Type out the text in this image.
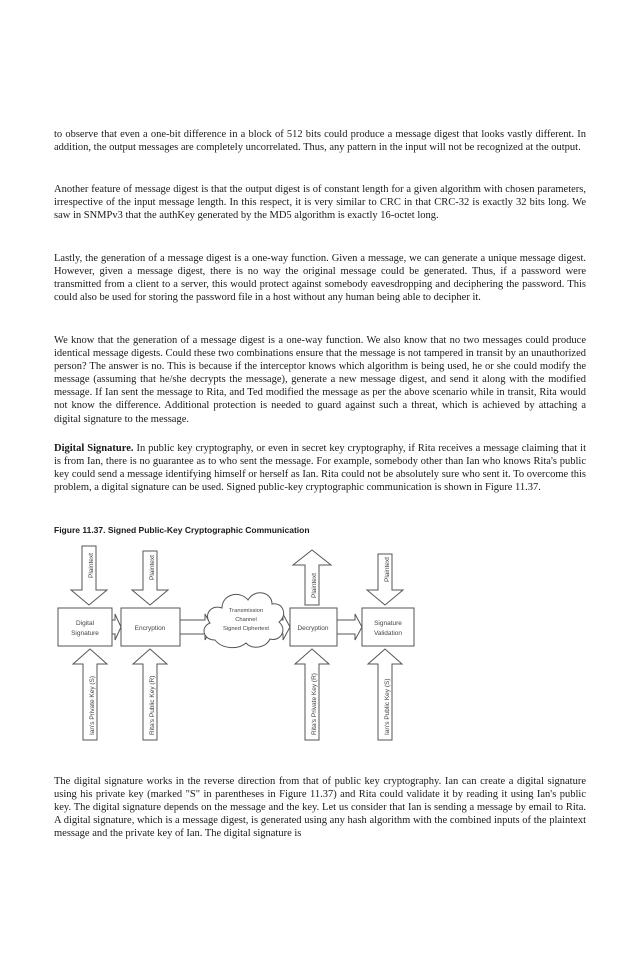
to observe that even a one-bit difference in a block of 512 bits could produce a message digest that looks vastly different. In addition, the output messages are completely uncorrelated. Thus, any pattern in the input will not be recognized at the output.

Another feature of message digest is that the output digest is of constant length for a given algorithm with chosen parameters, irrespective of the input message length. In this respect, it is very similar to CRC in that CRC-32 is exactly 32 bits long. We saw in SNMPv3 that the authKey generated by the MD5 algorithm is exactly 16-octet long.

Lastly, the generation of a message digest is a one-way function. Given a message, we can generate a unique message digest. However, given a message digest, there is no way the original message could be generated. Thus, if a password were transmitted from a client to a server, this would protect against somebody eavesdropping and deciphering the password. This could also be used for storing the password file in a host without any human being able to decipher it.

We know that the generation of a message digest is a one-way function. We also know that no two messages could produce identical message digests. Could these two combinations ensure that the message is not tampered in transit by an unauthorized person? The answer is no. This is because if the interceptor knows which algorithm is being used, he or she could modify the message (assuming that he/she decrypts the message), generate a new message digest, and send it along with the modified message. If Ian sent the message to Rita, and Ted modified the message as per the above scenario while in transit, Rita would not know the difference. Additional protection is needed to guard against such a threat, which is achieved by attaching a digital signature to the message.

Digital Signature. In public key cryptography, or even in secret key cryptography, if Rita receives a message claiming that it is from Ian, there is no guarantee as to who sent the message. For example, somebody other than Ian who knows Rita's public key could send a message identifying himself or herself as Ian. Rita could not be absolutely sure who sent it. To overcome this problem, a digital signature can be used. Signed public-key cryptographic communication is shown in Figure 11.37.

Figure 11.37. Signed Public-Key Cryptographic Communication

Plaintext	Plaintext
Plaintext
Plaintext
Ian's Private Key (S)	Rita's Public Key (R)	Rita's Private Key (R)	Ian's Public Key (S)
Digital
Signature
Encryption	Decryption
Signature
Validation
Transmission
Channel
Signed Ciphertext

The digital signature works in the reverse direction from that of public key cryptography. Ian can create a digital signature using his private key (marked "S" in parentheses in Figure 11.37) and Rita could validate it by reading it using Ian's public key. The digital signature depends on the message and the key. Let us consider that Ian is sending a message by email to Rita. A digital signature, which is a message digest, is generated using any hash algorithm with the combined inputs of the plaintext message and the private key of Ian. The digital signature is
